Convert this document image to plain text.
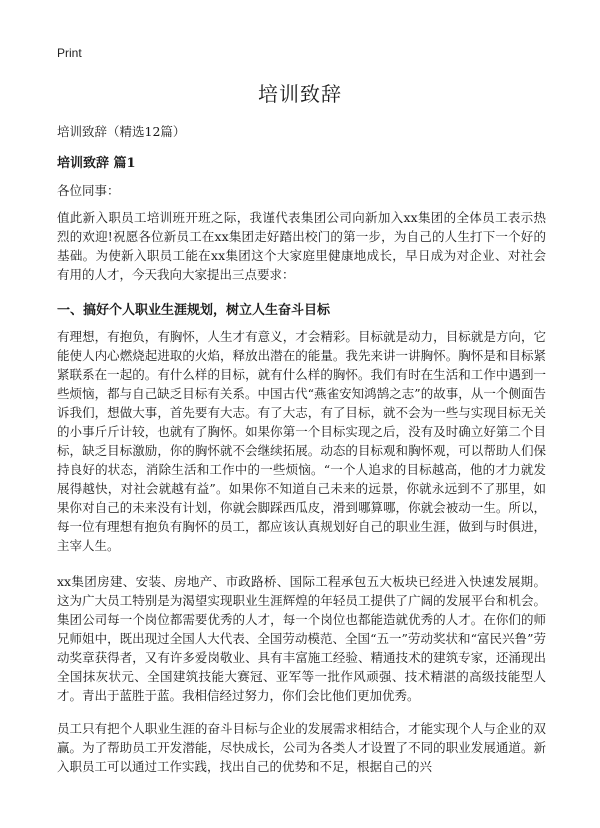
Print
培训致辞
培训致辞（精选12篇）
培训致辞 篇1
各位同事：

值此新入职员工培训班开班之际，我谨代表集团公司向新加入xx集团的全体员工表示热烈的欢迎!祝愿各位新员工在xx集团走好踏出校门的第一步，为自己的人生打下一个好的基础。为使新入职员工能在xx集团这个大家庭里健康地成长，早日成为对企业、对社会有用的人才，今天我向大家提出三点要求：

一、搞好个人职业生涯规划，树立人生奋斗目标

有理想，有抱负，有胸怀，人生才有意义，才会精彩。目标就是动力，目标就是方向，它能使人内心燃烧起进取的火焰，释放出潜在的能量。我先来讲一讲胸怀。胸怀是和目标紧紧联系在一起的。有什么样的目标，就有什么样的胸怀。我们有时在生活和工作中遇到一些烦恼，都与自己缺乏目标有关系。中国古代“燕雀安知鸿鹄之志”的故事，从一个侧面告诉我们，想做大事，首先要有大志。有了大志，有了目标，就不会为一些与实现目标无关的小事斤斤计较，也就有了胸怀。如果你第一个目标实现之后，没有及时确立好第二个目标，缺乏目标激励，你的胸怀就不会继续拓展。动态的目标观和胸怀观，可以帮助人们保持良好的状态，消除生活和工作中的一些烦恼。“一个人追求的目标越高，他的才力就发展得越快，对社会就越有益”。如果你不知道自己未来的远景，你就永远到不了那里，如果你对自己的未来没有计划，你就会脚踩西瓜皮，滑到哪算哪，你就会被动一生。所以，每一位有理想有抱负有胸怀的员工，都应该认真规划好自己的职业生涯，做到与时俱进，主宰人生。

xx集团房建、安装、房地产、市政路桥、国际工程承包五大板块已经进入快速发展期。这为广大员工特别是为渴望实现职业生涯辉煌的年轻员工提供了广阔的发展平台和机会。集团公司每一个岗位都需要优秀的人才，每一个岗位也都能造就优秀的人才。在你们的师兄师姐中，既出现过全国人大代表、全国劳动模范、全国“五一”劳动奖状和“富民兴鲁”劳动奖章获得者，又有许多爱岗敬业、具有丰富施工经验、精通技术的建筑专家，还涌现出全国抹灰状元、全国建筑技能大赛冠、亚军等一批作风顽强、技术精湛的高级技能型人才。青出于蓝胜于蓝。我相信经过努力，你们会比他们更加优秀。

员工只有把个人职业生涯的奋斗目标与企业的发展需求相结合，才能实现个人与企业的双赢。为了帮助员工开发潜能，尽快成长，公司为各类人才设置了不同的职业发展通道。新入职员工可以通过工作实践，找出自己的优势和不足，根据自己的兴
